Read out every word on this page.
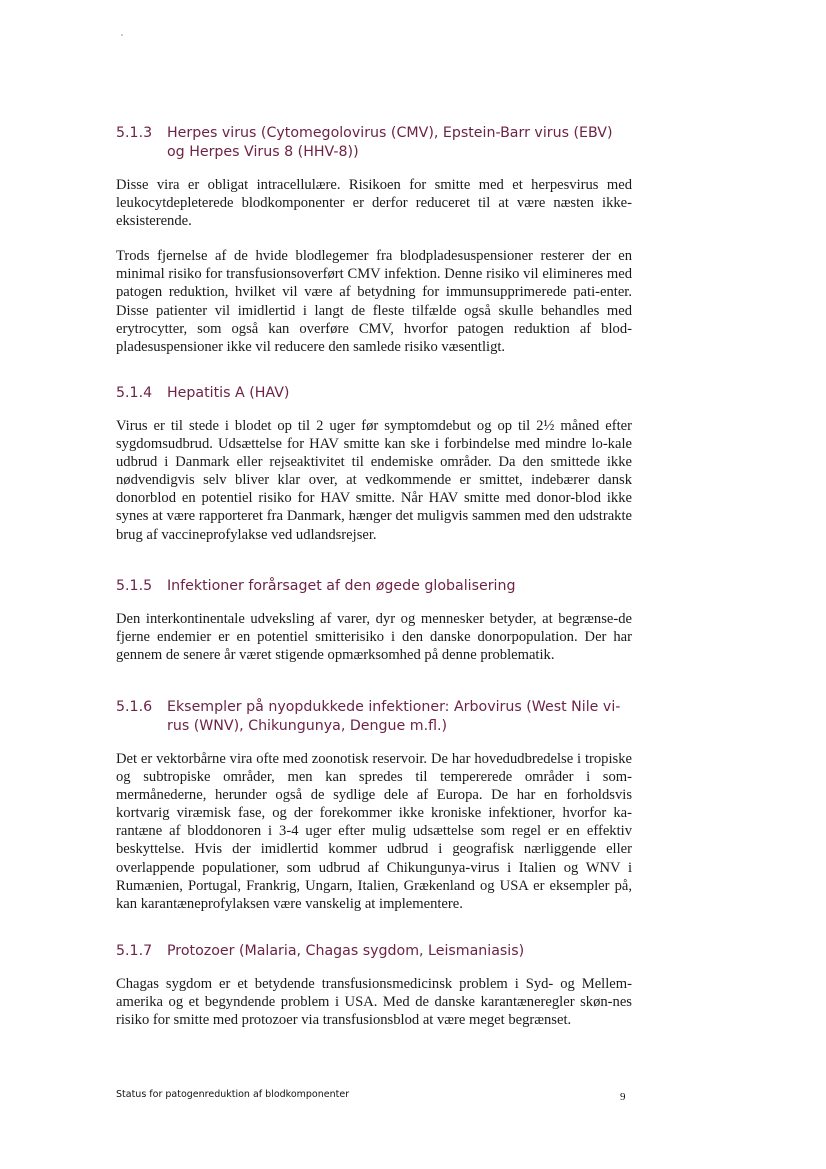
5.1.3 Herpes virus (Cytomegolovirus (CMV), Epstein-Barr virus (EBV) og Herpes Virus 8 (HHV-8))

Disse vira er obligat intracellulære. Risikoen for smitte med et herpesvirus med leukocytdepleterede blodkomponenter er derfor reduceret til at være næsten ikke-eksisterende.

Trods fjernelse af de hvide blodlegemer fra blodpladesuspensioner resterer der en minimal risiko for transfusionsoverført CMV infektion. Denne risiko vil elimineres med patogen reduktion, hvilket vil være af betydning for immunsupprimerede pati-enter. Disse patienter vil imidlertid i langt de fleste tilfælde også skulle behandles med erytrocytter, som også kan overføre CMV, hvorfor patogen reduktion af blod-pladesuspensioner ikke vil reducere den samlede risiko væsentligt.

5.1.4 Hepatitis A (HAV)

Virus er til stede i blodet op til 2 uger før symptomdebut og op til 2½ måned efter sygdomsudbrud. Udsættelse for HAV smitte kan ske i forbindelse med mindre lo-kale udbrud i Danmark eller rejseaktivitet til endemiske områder. Da den smittede ikke nødvendigvis selv bliver klar over, at vedkommende er smittet, indebærer dansk donorblod en potentiel risiko for HAV smitte. Når HAV smitte med donor-blod ikke synes at være rapporteret fra Danmark, hænger det muligvis sammen med den udstrakte brug af vaccineprofylakse ved udlandsrejser.

5.1.5 Infektioner forårsaget af den øgede globalisering

Den interkontinentale udveksling af varer, dyr og mennesker betyder, at begrænse-de fjerne endemier er en potentiel smitterisiko i den danske donorpopulation. Der har gennem de senere år været stigende opmærksomhed på denne problematik.

5.1.6 Eksempler på nyopdukkede infektioner: Arbovirus (West Nile vi-rus (WNV), Chikungunya, Dengue m.fl.)

Det er vektorbårne vira ofte med zoonotisk reservoir. De har hovedudbredelse i tropiske og subtropiske områder, men kan spredes til tempererede områder i som-mermånederne, herunder også de sydlige dele af Europa. De har en forholdsvis kortvarig viræmisk fase, og der forekommer ikke kroniske infektioner, hvorfor ka-rantæne af bloddonoren i 3-4 uger efter mulig udsættelse som regel er en effektiv beskyttelse. Hvis der imidlertid kommer udbrud i geografisk nærliggende eller overlappende populationer, som udbrud af Chikungunya-virus i Italien og WNV i Rumænien, Portugal, Frankrig, Ungarn, Italien, Grækenland og USA er eksempler på, kan karantæneprofylaksen være vanskelig at implementere.

5.1.7 Protozoer (Malaria, Chagas sygdom, Leismaniasis)

Chagas sygdom er et betydende transfusionsmedicinsk problem i Syd- og Mellem-amerika og et begyndende problem i USA. Med de danske karantæneregler skøn-nes risiko for smitte med protozoer via transfusionsblod at være meget begrænset.

Status for patogenreduktion af blodkomponenter	9
